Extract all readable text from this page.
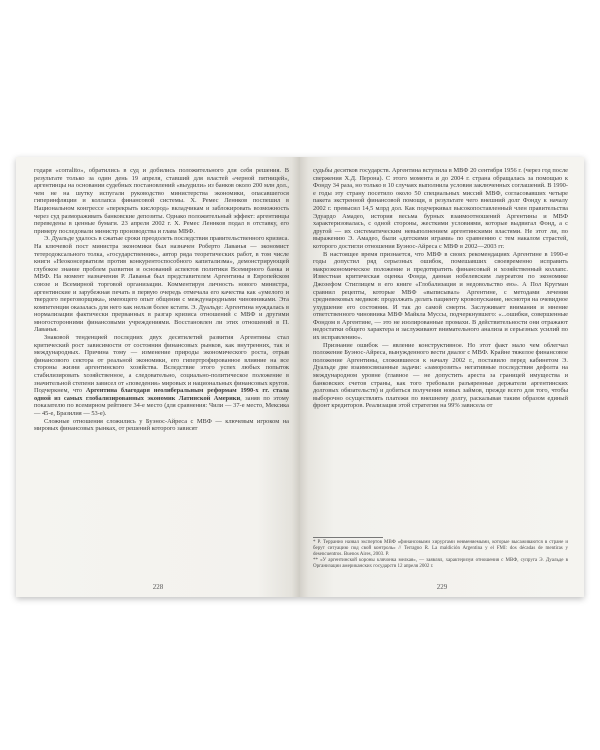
годаря «corralito», обратились в суд и добились положительного для себя решения. В результате только за один день 19 апреля, ставший для властей «черной пятницей», аргентинцы на основании судебных постановлений «выудили» из банков около 200 млн дол., чем не на шутку испугали руководство министерства экономики, опасавшегося гиперинфляции и коллапса финансовой системы. Х. Ремес Леннков поспешил в Национальном конгрессе «перекрыть кислород» вкладчикам и заблокировать возможность через суд размораживать банковские депозиты. Однако положительный эффект: аргентинцы переведены в ценные бумаги. 23 апреля 2002 г. Х. Ремес Леннков подал в отставку, его примеру последовали министр производства и глава МВФ.

Э. Дуальде удалось в сжатые сроки преодолеть последствия правительственного кризиса. На ключевой пост министра экономики был назначен Роберто Лаванья — экономист тетеродоксального толка, «государственник», автор ряда теоретических работ, в том числе книги «Неоконсерватизм против конкурентоспособного капитализма», демонстрирующей глубокое знание проблем развития и оснований аспектов политики Всемирного банка и МВФ. На момент назначения Р. Лаванья был представителем Аргентины в Европейском союзе и Всемирной торговой организации. Комментируя личность нового министра, аргентинские и зарубежная печать в первую очередь отмечала его качества как «умелого и твердого переговорщика», имеющего опыт общения с международными чиновниками. Эта компетенция оказалась для него как нельзя более кстати. Э. Дуальде: Аргентина нуждалась в нормализации фактически прерванных в разгар кризиса отношений с МВФ и другими многосторонними финансовыми учреждениями. Восстановлен ли этих отношений в П. Лаванья.

Знаковой тенденцией последних двух десятилетий развития Аргентины стал критический рост зависимости от состояния финансовых рынков, как внутренних, так и международных. Причина тому — изменение природы экономического роста, отрыв финансового сектора от реальной экономики, его гипертрофированное влияние на все стороны жизни аргентинского хозяйства. Вследствие этого успех любых попыток стабилизировать хозяйственное, а следовательно, социально-политическое положение в значительной степени зависел от «поведения» мировых и национальных финансовых кругов. Подчеркнем, что Аргентина благодаря неолиберальным реформам 1990-х гг. стала одной из самых глобализированных экономик Латинской Америки, заняв по этому показателю по всемирном рейтинге 34-е место (для сравнения: Чили — 37-е место, Мексика — 45-е, Бразилия — 53-е).

Сложные отношения сложились у Буэнос-Айреса с МВФ — ключевым игроком на мировых финансовых рынках, от решений которого зависят

228

судьбы десятков государств. Аргентина вступила в МВФ 20 сентября 1956 г. (через год после свержения Х.Д. Перона). С этого момента и до 2004 г. страна обращалась за помощью к Фонду 34 раза, но только в 10 случаях выполнила условия заключенных соглашений. В 1990-е годы эту страну посетило около 50 специальных миссий МВФ, согласовавших четыре пакета экстренной финансовой помощи, в результате чего внешний долг Фонду к началу 2002 г. превысил 14,5 млрд дол. Как подчеркивал высокопоставленный член правительства Эдуардо Амадео, история весьма бурных взаимоотношений Аргентины и МВФ характеризовалась, с одной стороны, жесткими условиями, которые выдвигал Фонд, а с другой — их систематическим невыполнением аргентинскими властями. Не этот ли, по выражению Э. Амадео, были «детскими играми» по сравнению с тем накалом страстей, которого достигли отношения Буэнос-Айреса с МВФ в 2002—2003 гг.

В настоящее время признается, что МВФ в своих рекомендациях Аргентине в 1990-е годы допустил ряд серьезных ошибок, помешавших своевременно испрaвить макроэкономическое положение и предотвратить финансовый и хозяйственный коллапс. Известная критическая оценка Фонда, данная нобелевским лауреатом по экономике Джозефом Стиглицем в его книге «Глобализация и недовольство ею». А Пол Кругман сравнил рецепты, которые МВФ «выписывал» Аргентине, с методами лечения средневековых медиков: продолжать делать пациенту кровопускание, несмотря на очевидное ухудшение его состояния. И так до самой смерти. Заслуживает внимания и мнение ответственного чиновника МВФ Майкла Муссы, подчеркнувшего: «...ошибки, совершенные Фондом в Аргентине, — это не изолированные промахи. В действительности они отражают недостатки общего характера и заслуживают внимательного анализа и серьезных усилий по их исправлению».

Признание ошибок — явление конструктивное. Но этот факт мало чем облегчал положение Буэнос-Айреса, вынужденного вести диалог с МВФ. Крайне тяжелое финансовое положение Аргентины, сложившееся к началу 2002 г., поставило перед кабинетом Э. Дуальде две взаимосвязанные задачи: «заморозить» негативные последствия дефолта на международном уровне (главное — не допустить ареста за границей имущества и банковских счетов страны, как того требовали разъяренные держатели аргентинских долговых обязательств) и добиться получения новых займов, прежде всего для того, чтобы выборочно осуществлять платежи по внешнему долгу, раскалывая таким образом единый фронт кредиторов. Реализация этой стратегии на 99% зависела от

* Р. Терранио назвал экспертов МВФ «финансовыми хирургами невменяемыми, которые высаживаются в стране и берут ситуацию под свой контроль» // Terragno R. La maldición Argentina y el FMI: dos décadas de mentiras y desencuentros. Buenos Aires, 2003. P.

** «У аргентинской короны клячонка мелкая», — заявлял, характеризуя отношения с МВФ, супруга Э. Дуальде в Организации американских государств 12 апреля 2002 г.

229
